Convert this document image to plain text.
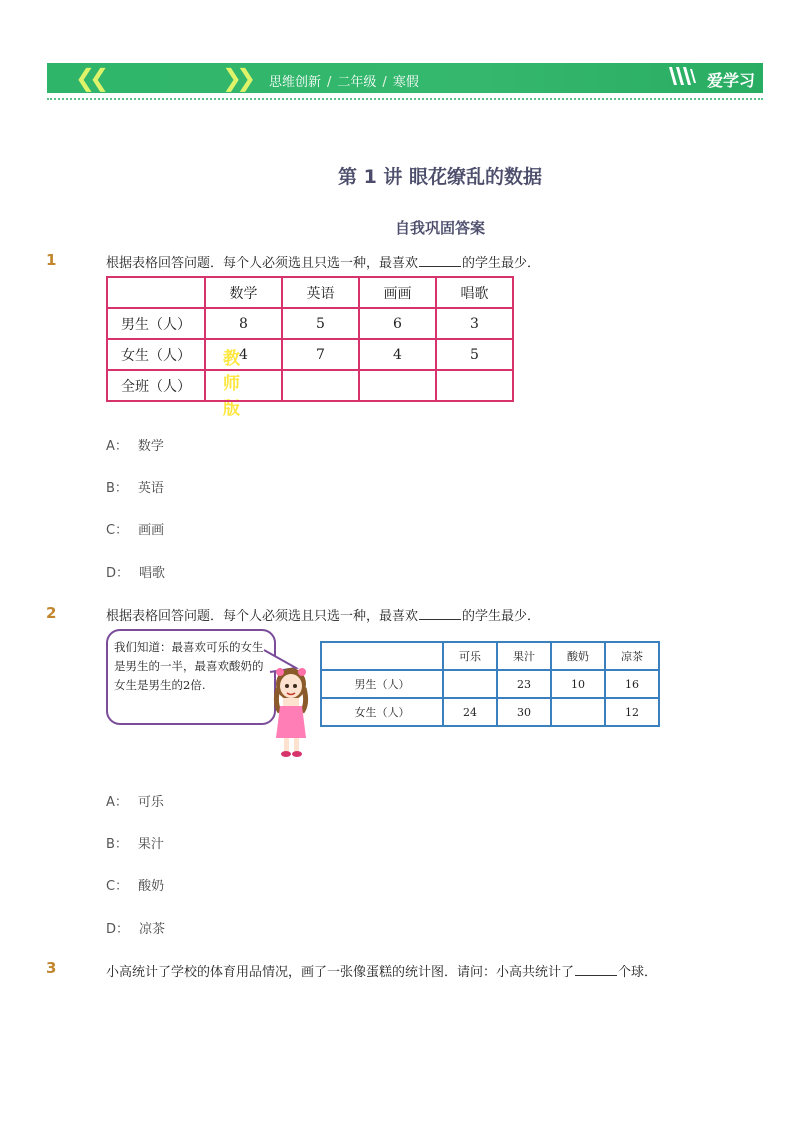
❮❮
教师版
讲义
❯❯ 思维创新 / 二年级 / 寒假	爱学习
第 1 讲 眼花缭乱的数据
自我巩固答案
1	根据表格回答问题．每个人必须选且只选一种，最喜欢	的学生最少．
	数学	英语	画画	唱歌
男生（人）	8	5	6	3
女生（人）	4	7	4	5
全班（人）				
A： 数学
B： 英语
C： 画画
D： 唱歌
2	根据表格回答问题．每个人必须选且只选一种，最喜欢	的学生最少．
我们知道：最喜欢可乐的女生是男生的一半，最喜欢酸奶的女生是男生的2倍.
	可乐	果汁	酸奶	凉茶
男生（人）		23	10	16
女生（人）	24	30		12
A： 可乐
B： 果汁
C： 酸奶
D： 凉茶
3	小高统计了学校的体育用品情况，画了一张像蛋糕的统计图．请问：小高共统计了	个球．
